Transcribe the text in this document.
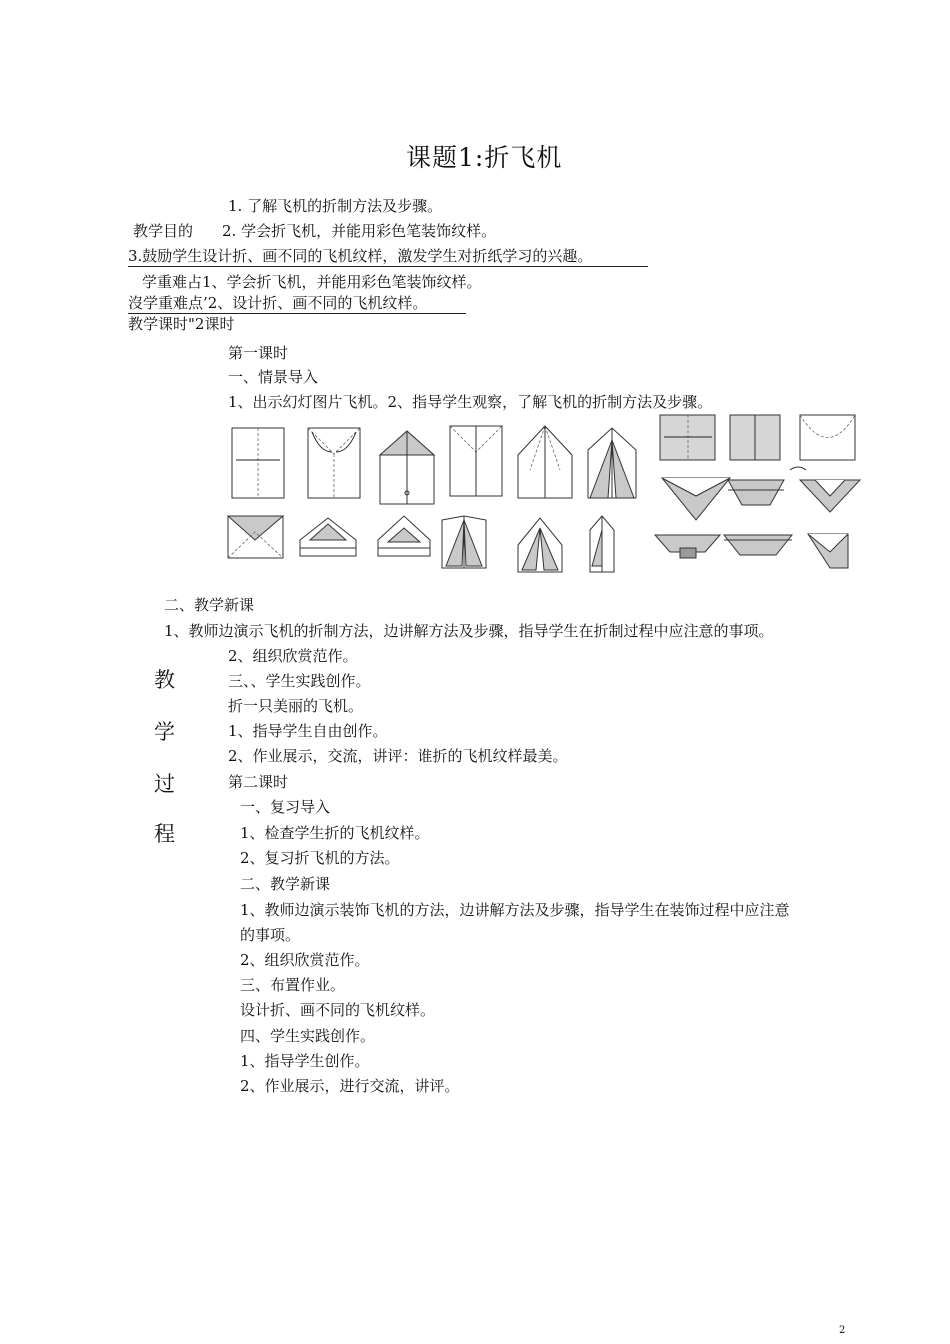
课题1:折飞机
1. 了解飞机的折制方法及步骤。
教学目的 2. 学会折飞机，并能用彩色笔装饰纹样。
3.鼓励学生设计折、画不同的飞机纹样，激发学生对折纸学习的兴趣。
学重难占1、学会折飞机，并能用彩色笔装饰纹样。
沒学重难点’2、设计折、画不同的飞机纹样。
教学课时"2课时
第一课时
一、情景导入
1、出示幻灯图片飞机。2、指导学生观察，了解飞机的折制方法及步骤。
二、教学新课
1、教师边演示飞机的折制方法，边讲解方法及步骤，指导学生在折制过程中应注意的事项。
2、组织欣赏范作。
三、、学生实践创作。
折一只美丽的飞机。
1、指导学生自由创作。
2、作业展示，交流，讲评：谁折的飞机纹样最美。
教
学
过
程
第二课时
一、复习导入
1、检查学生折的飞机纹样。
2、复习折飞机的方法。
二、教学新课
1、教师边演示装饰飞机的方法，边讲解方法及步骤，指导学生在装饰过程中应注意
的事项。
2、组织欣赏范作。
三、布置作业。
设计折、画不同的飞机纹样。
四、学生实践创作。
1、指导学生创作。
2、作业展示，进行交流，讲评。
2
